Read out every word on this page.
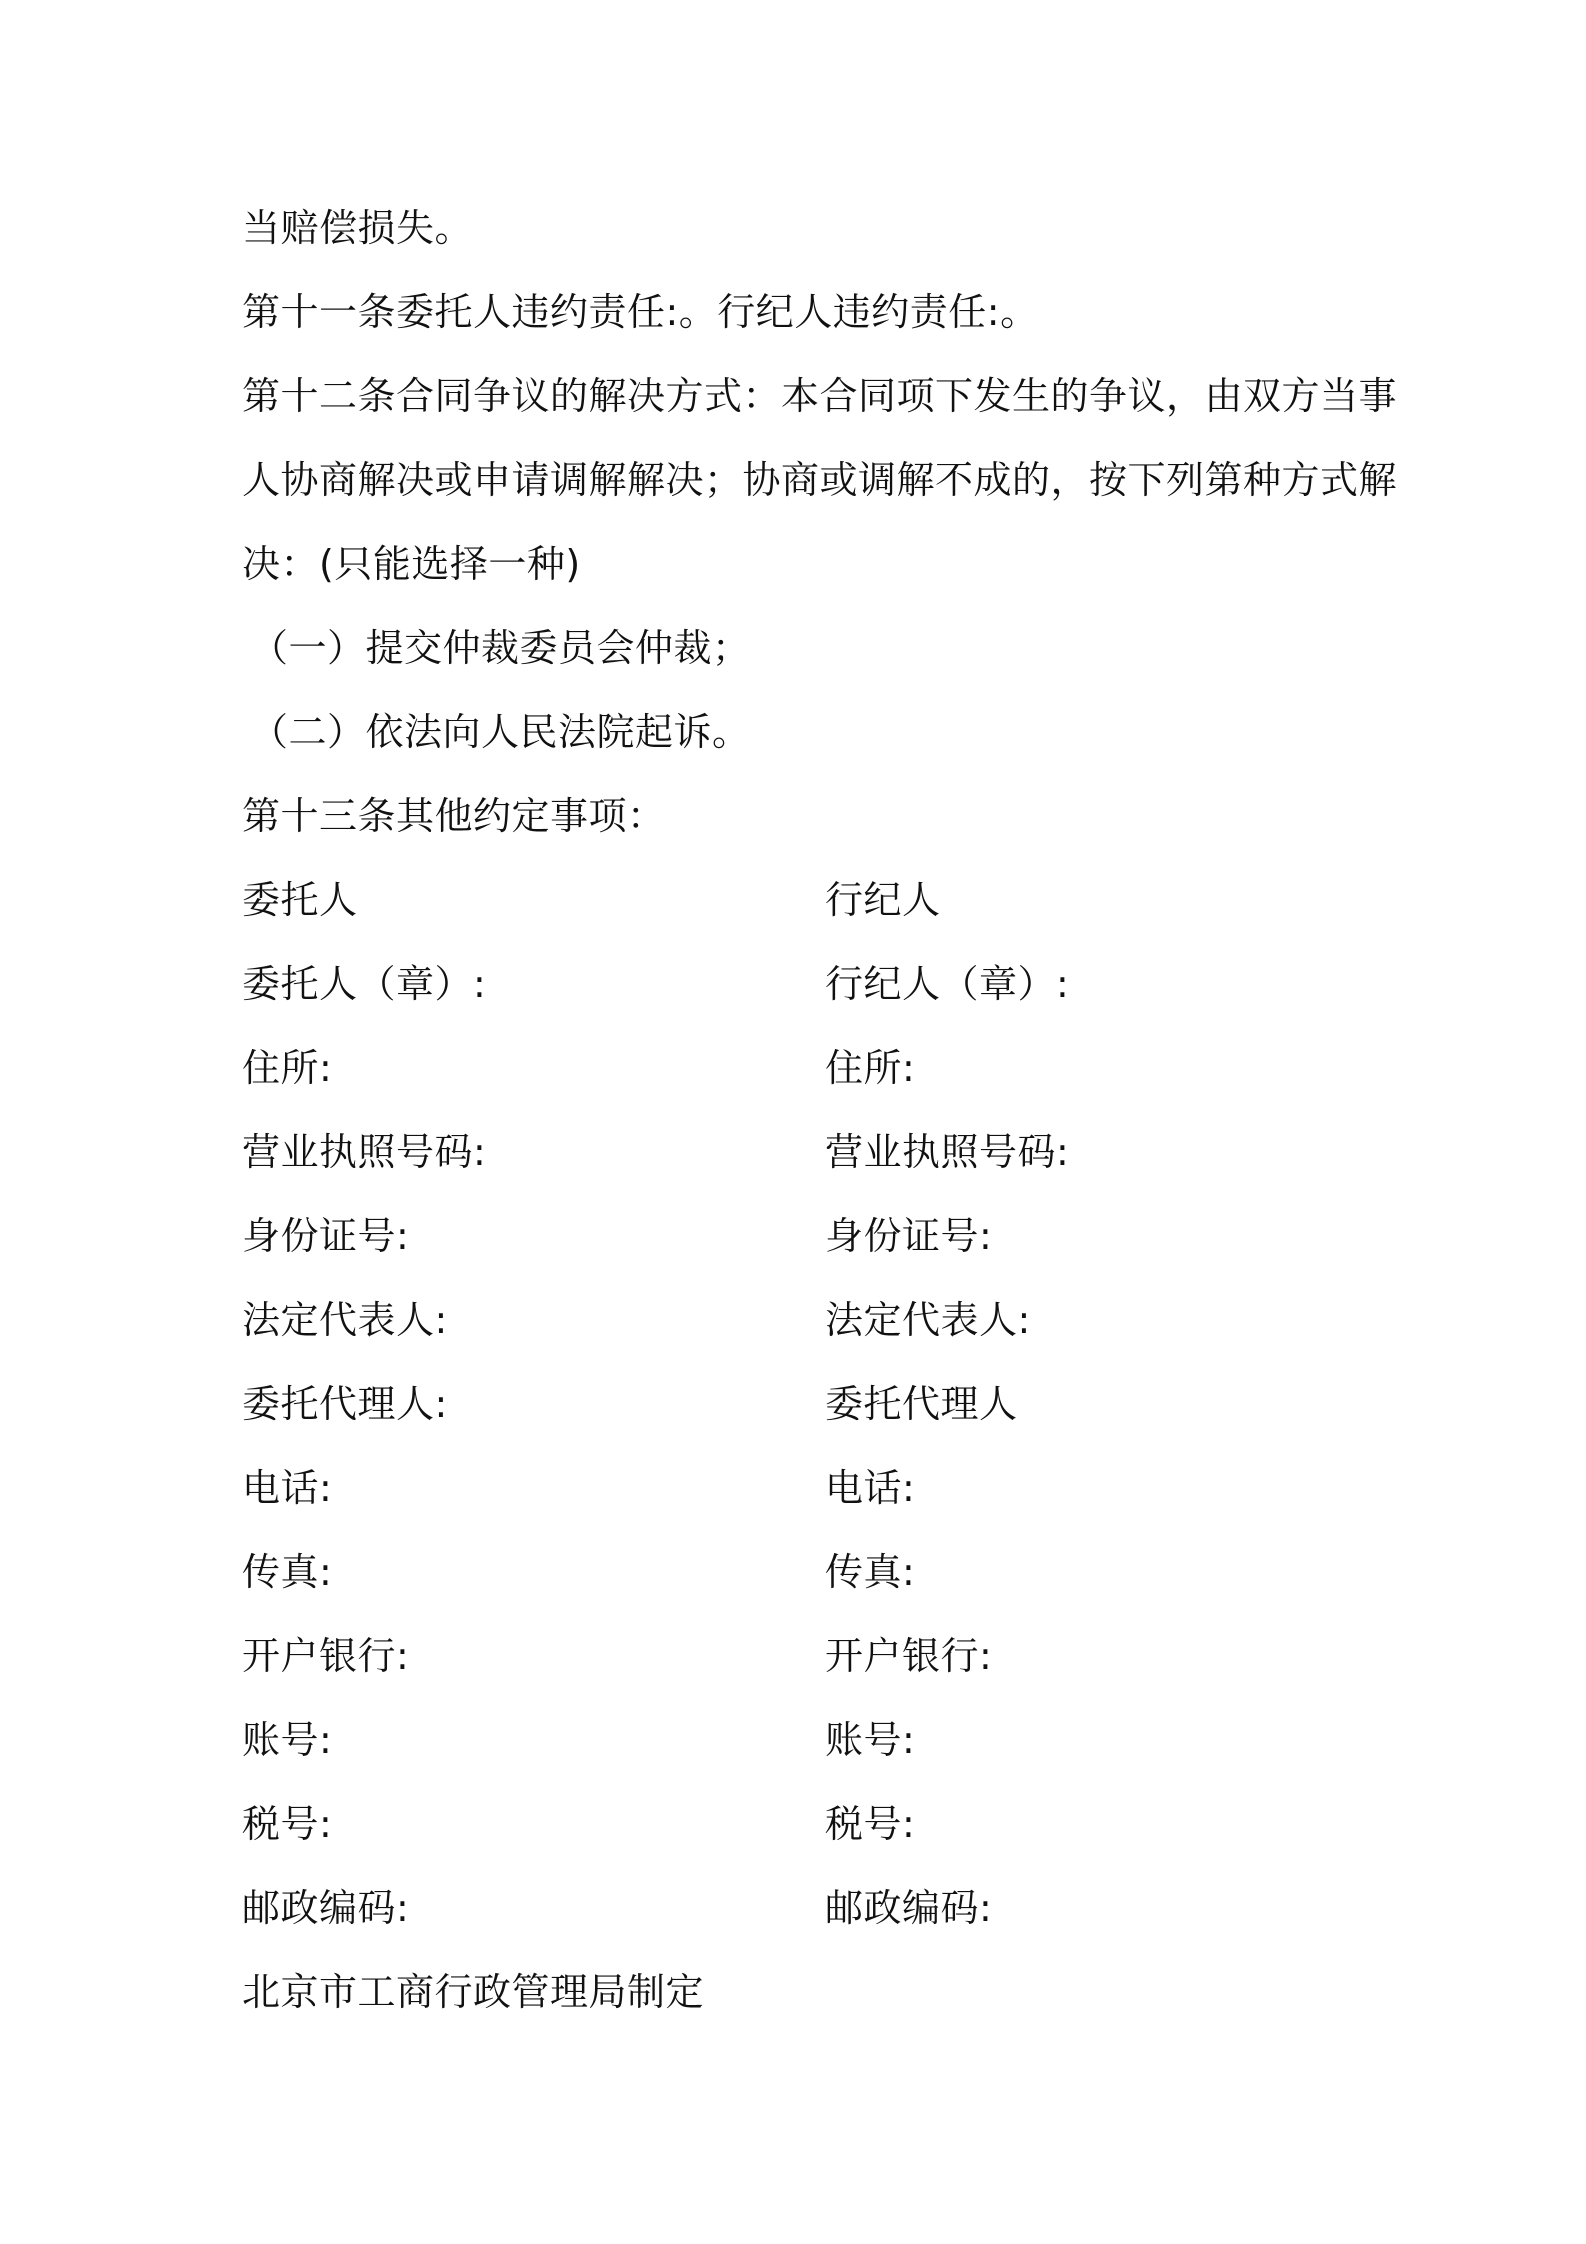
当赔偿损失。
第十一条委托人违约责任:。行纪人违约责任:。
第十二条合同争议的解决方式：本合同项下发生的争议，由双方当事
人协商解决或申请调解解决；协商或调解不成的，按下列第种方式解
决：(只能选择一种)
（一）提交仲裁委员会仲裁；
（二）依法向人民法院起诉。
第十三条其他约定事项：
委托人
委托人（章）:
住所:
营业执照号码:
身份证号:
法定代表人:
委托代理人:
电话:
传真:
开户银行:
账号:
税号:
邮政编码:
行纪人
行纪人（章）:
住所:
营业执照号码:
身份证号:
法定代表人:
委托代理人
电话:
传真:
开户银行:
账号:
税号:
邮政编码:
北京市工商行政管理局制定
